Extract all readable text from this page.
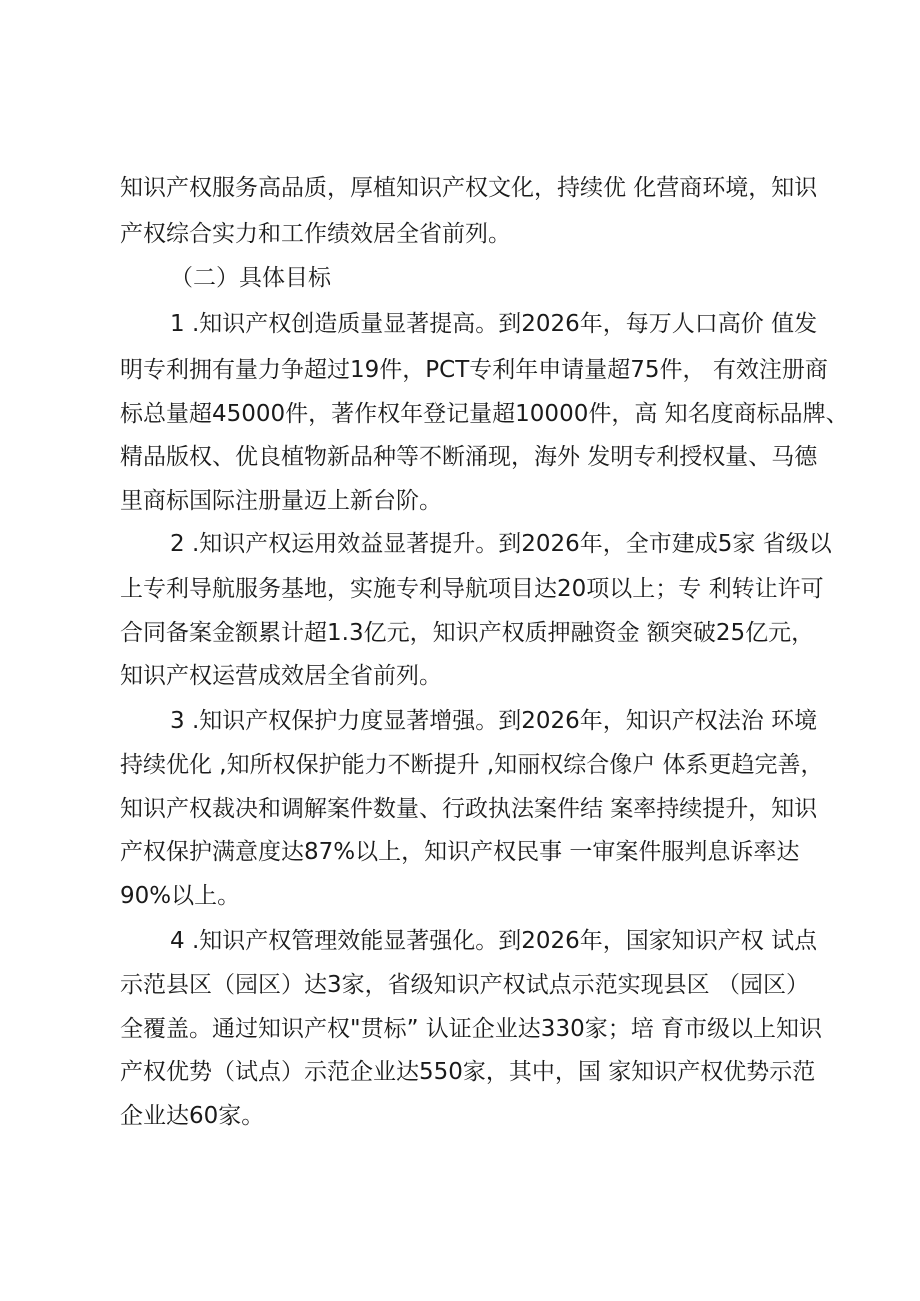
知识产权服务高品质，厚植知识产权文化，持续优 化营商环境，知识
产权综合实力和工作绩效居全省前列。
（二）具体目标
1 .知识产权创造质量显著提高。到2026年，每万人口高价 值发
明专利拥有量力争超过19件，PCT专利年申请量超75件， 有效注册商
标总量超45000件，著作权年登记量超10000件，高 知名度商标品牌、
精品版权、优良植物新品种等不断涌现，海外 发明专利授权量、马德
里商标国际注册量迈上新台阶。
2 .知识产权运用效益显著提升。到2026年，全市建成5家 省级以
上专利导航服务基地，实施专利导航项目达20项以上；专 利转让许可
合同备案金额累计超1.3亿元，知识产权质押融资金 额突破25亿元，
知识产权运营成效居全省前列。
3 .知识产权保护力度显著增强。到2026年，知识产权法治 环境
持续优化 ,知所权保护能力不断提升 ,知丽权综合像户 体系更趋完善，
知识产权裁决和调解案件数量、行政执法案件结 案率持续提升，知识
产权保护满意度达87%以上，知识产权民事 一审案件服判息诉率达
90%以上。
4 .知识产权管理效能显著强化。到2026年，国家知识产权 试点
示范县区（园区）达3家，省级知识产权试点示范实现县区 （园区）
全覆盖。通过知识产权"贯标” 认证企业达330家；培 育市级以上知识
产权优势（试点）示范企业达550家，其中，国 家知识产权优势示范
企业达60家。
